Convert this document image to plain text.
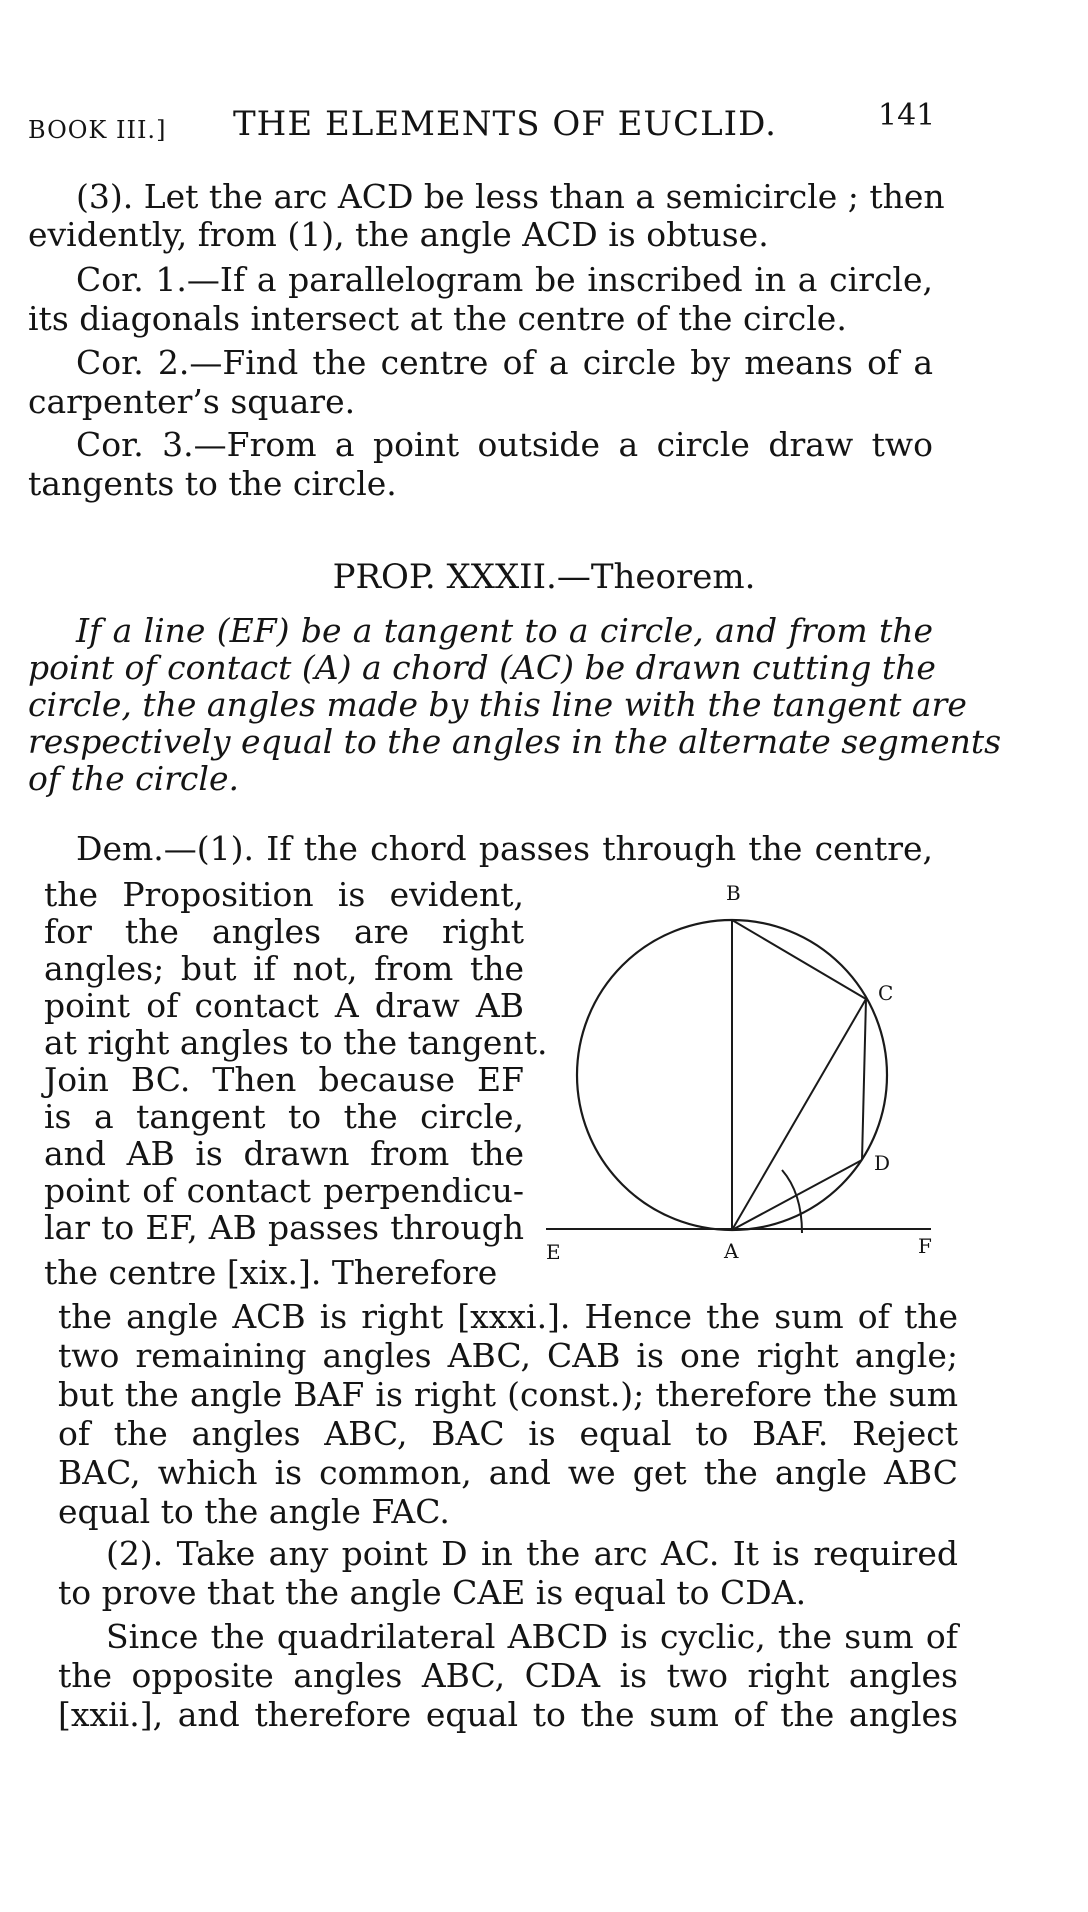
BOOK III.] THE ELEMENTS OF EUCLID.	141
(3). Let the arc ACD be less than a semicircle ; then
evidently, from (1), the angle ACD is obtuse.
Cor. 1.—If a parallelogram be inscribed in a circle,
its diagonals intersect at the centre of the circle.
Cor. 2.—Find the centre of a circle by means of a
carpenter’s square.
Cor. 3.—From a point outside a circle draw two
tangents to the circle.
PROP. XXXII.—Theorem.
If a line (EF) be a tangent to a circle, and from the
point of contact (A) a chord (AC) be drawn cutting the
circle, the angles made by this line with the tangent are
respectively equal to the angles in the alternate segments
of the circle.
Dem.—(1). If the chord passes through the centre,
the Proposition is evident,
for the angles are right
angles; but if not, from the
point of contact A draw AB
at right angles to the tangent.
Join BC. Then because EF
is a tangent to the circle,
and AB is drawn from the
point of contact perpendicu-
lar to EF, AB passes through
the centre [xix.]. Therefore
B
C
D
A
E	F
the angle ACB is right [xxxi.]. Hence the sum of the
two remaining angles ABC, CAB is one right angle;
but the angle BAF is right (const.); therefore the sum
of the angles ABC, BAC is equal to BAF. Reject
BAC, which is common, and we get the angle ABC
equal to the angle FAC.
(2). Take any point D in the arc AC. It is required
to prove that the angle CAE is equal to CDA.
Since the quadrilateral ABCD is cyclic, the sum of
the opposite angles ABC, CDA is two right angles
[xxii.], and therefore equal to the sum of the angles
